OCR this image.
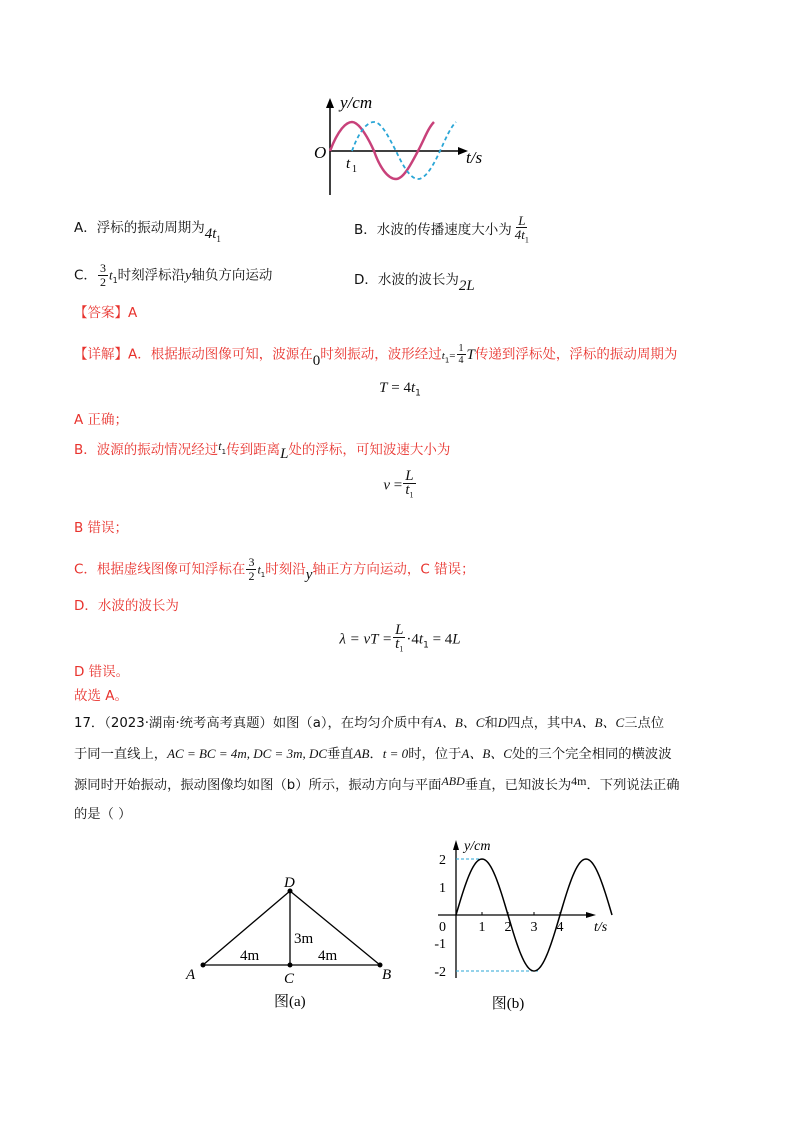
y/cm
t/s
O
t 1
A．浮标的振动周期为$4t_1$
B．水波的传播速度大小为 $\frac{L}{4t_1}$
C． $\frac{3}{2} t_1$时刻浮标沿y轴负方向运动	D．水波的波长为2L
【答案】A
【详解】A．根据振动图像可知，波源在0时刻振动，波形经过$t_1= \frac{1}{4}$ T传递到浮标处，浮标的振动周期为
$T = 4t_1$
A 正确；
B．波源的振动情况经过$t_1$传到距离L处的浮标，可知波速大小为
$v = \frac{L}{t_1}$
B 错误；
C．根据虚线图像可知浮标在 $\frac{3}{2} t_1$时刻沿y轴正方方向运动，C 错误；
D．水波的波长为
λ = vT = $\frac{L}{t_1} \cdot 4t_1 = 4L$
D 错误。
故选 A。
17．（2023·湖南·统考高考真题）如图（a），在均匀介质中有A、B、C和D四点，其中A、B、C三点位
于同一直线上，AC = BC = 4m, DC = 3m, DC垂直AB．t = 0时，位于A、B、C处的三个完全相同的横波波
源同时开始振动，振动图像均如图（b）所示，振动方向与平面ABD垂直，已知波长为4m．下列说法正确
的是（ ）
A	B
C
D
4m	4m
3m
图(a)
y/cm
t/s
2
1
0
-1
-2
1 2 3 4
图(b)
